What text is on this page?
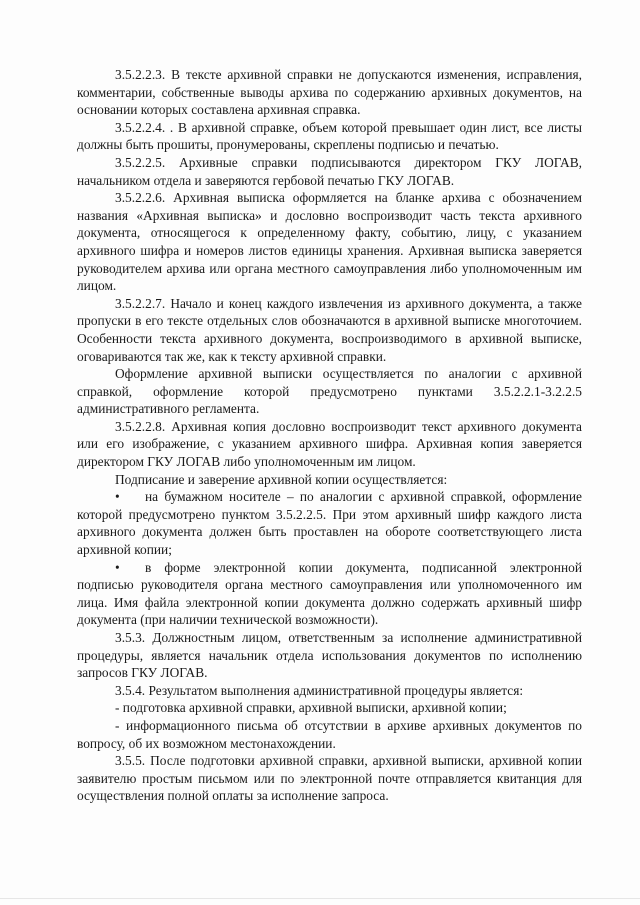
3.5.2.2.3. В тексте архивной справки не допускаются изменения, исправления, комментарии, собственные выводы архива по содержанию архивных документов, на основании которых составлена архивная справка.

3.5.2.2.4. . В архивной справке, объем которой превышает один лист, все листы должны быть прошиты, пронумерованы, скреплены подписью и печатью.

3.5.2.2.5. Архивные справки подписываются директором ГКУ ЛОГАВ, начальником отдела и заверяются гербовой печатью ГКУ ЛОГАВ.

3.5.2.2.6. Архивная выписка оформляется на бланке архива с обозначением названия «Архивная выписка» и дословно воспроизводит часть текста архивного документа, относящегося к определенному факту, событию, лицу, с указанием архивного шифра и номеров листов единицы хранения. Архивная выписка заверяется руководителем архива или органа местного самоуправления либо уполномоченным им лицом.

3.5.2.2.7. Начало и конец каждого извлечения из архивного документа, а также пропуски в его тексте отдельных слов обозначаются в архивной выписке многоточием. Особенности текста архивного документа, воспроизводимого в архивной выписке, оговариваются так же, как к тексту архивной справки.

Оформление архивной выписки осуществляется по аналогии с архивной справкой, оформление которой предусмотрено пунктами 3.5.2.2.1-3.2.2.5 административного регламента.

3.5.2.2.8. Архивная копия дословно воспроизводит текст архивного документа или его изображение, с указанием архивного шифра. Архивная копия заверяется директором ГКУ ЛОГАВ либо уполномоченным им лицом.

Подписание и заверение архивной копии осуществляется:

• на бумажном носителе – по аналогии с архивной справкой, оформление которой предусмотрено пунктом 3.5.2.2.5. При этом архивный шифр каждого листа архивного документа должен быть проставлен на обороте соответствующего листа архивной копии;

• в форме электронной копии документа, подписанной электронной подписью руководителя органа местного самоуправления или уполномоченного им лица. Имя файла электронной копии документа должно содержать архивный шифр документа (при наличии технической возможности).

3.5.3. Должностным лицом, ответственным за исполнение административной процедуры, является начальник отдела использования документов по исполнению запросов ГКУ ЛОГАВ.

3.5.4. Результатом выполнения административной процедуры является:

- подготовка архивной справки, архивной выписки, архивной копии;

- информационного письма об отсутствии в архиве архивных документов по вопросу, об их возможном местонахождении.

3.5.5. После подготовки архивной справки, архивной выписки, архивной копии заявителю простым письмом или по электронной почте отправляется квитанция для осуществления полной оплаты за исполнение запроса.
